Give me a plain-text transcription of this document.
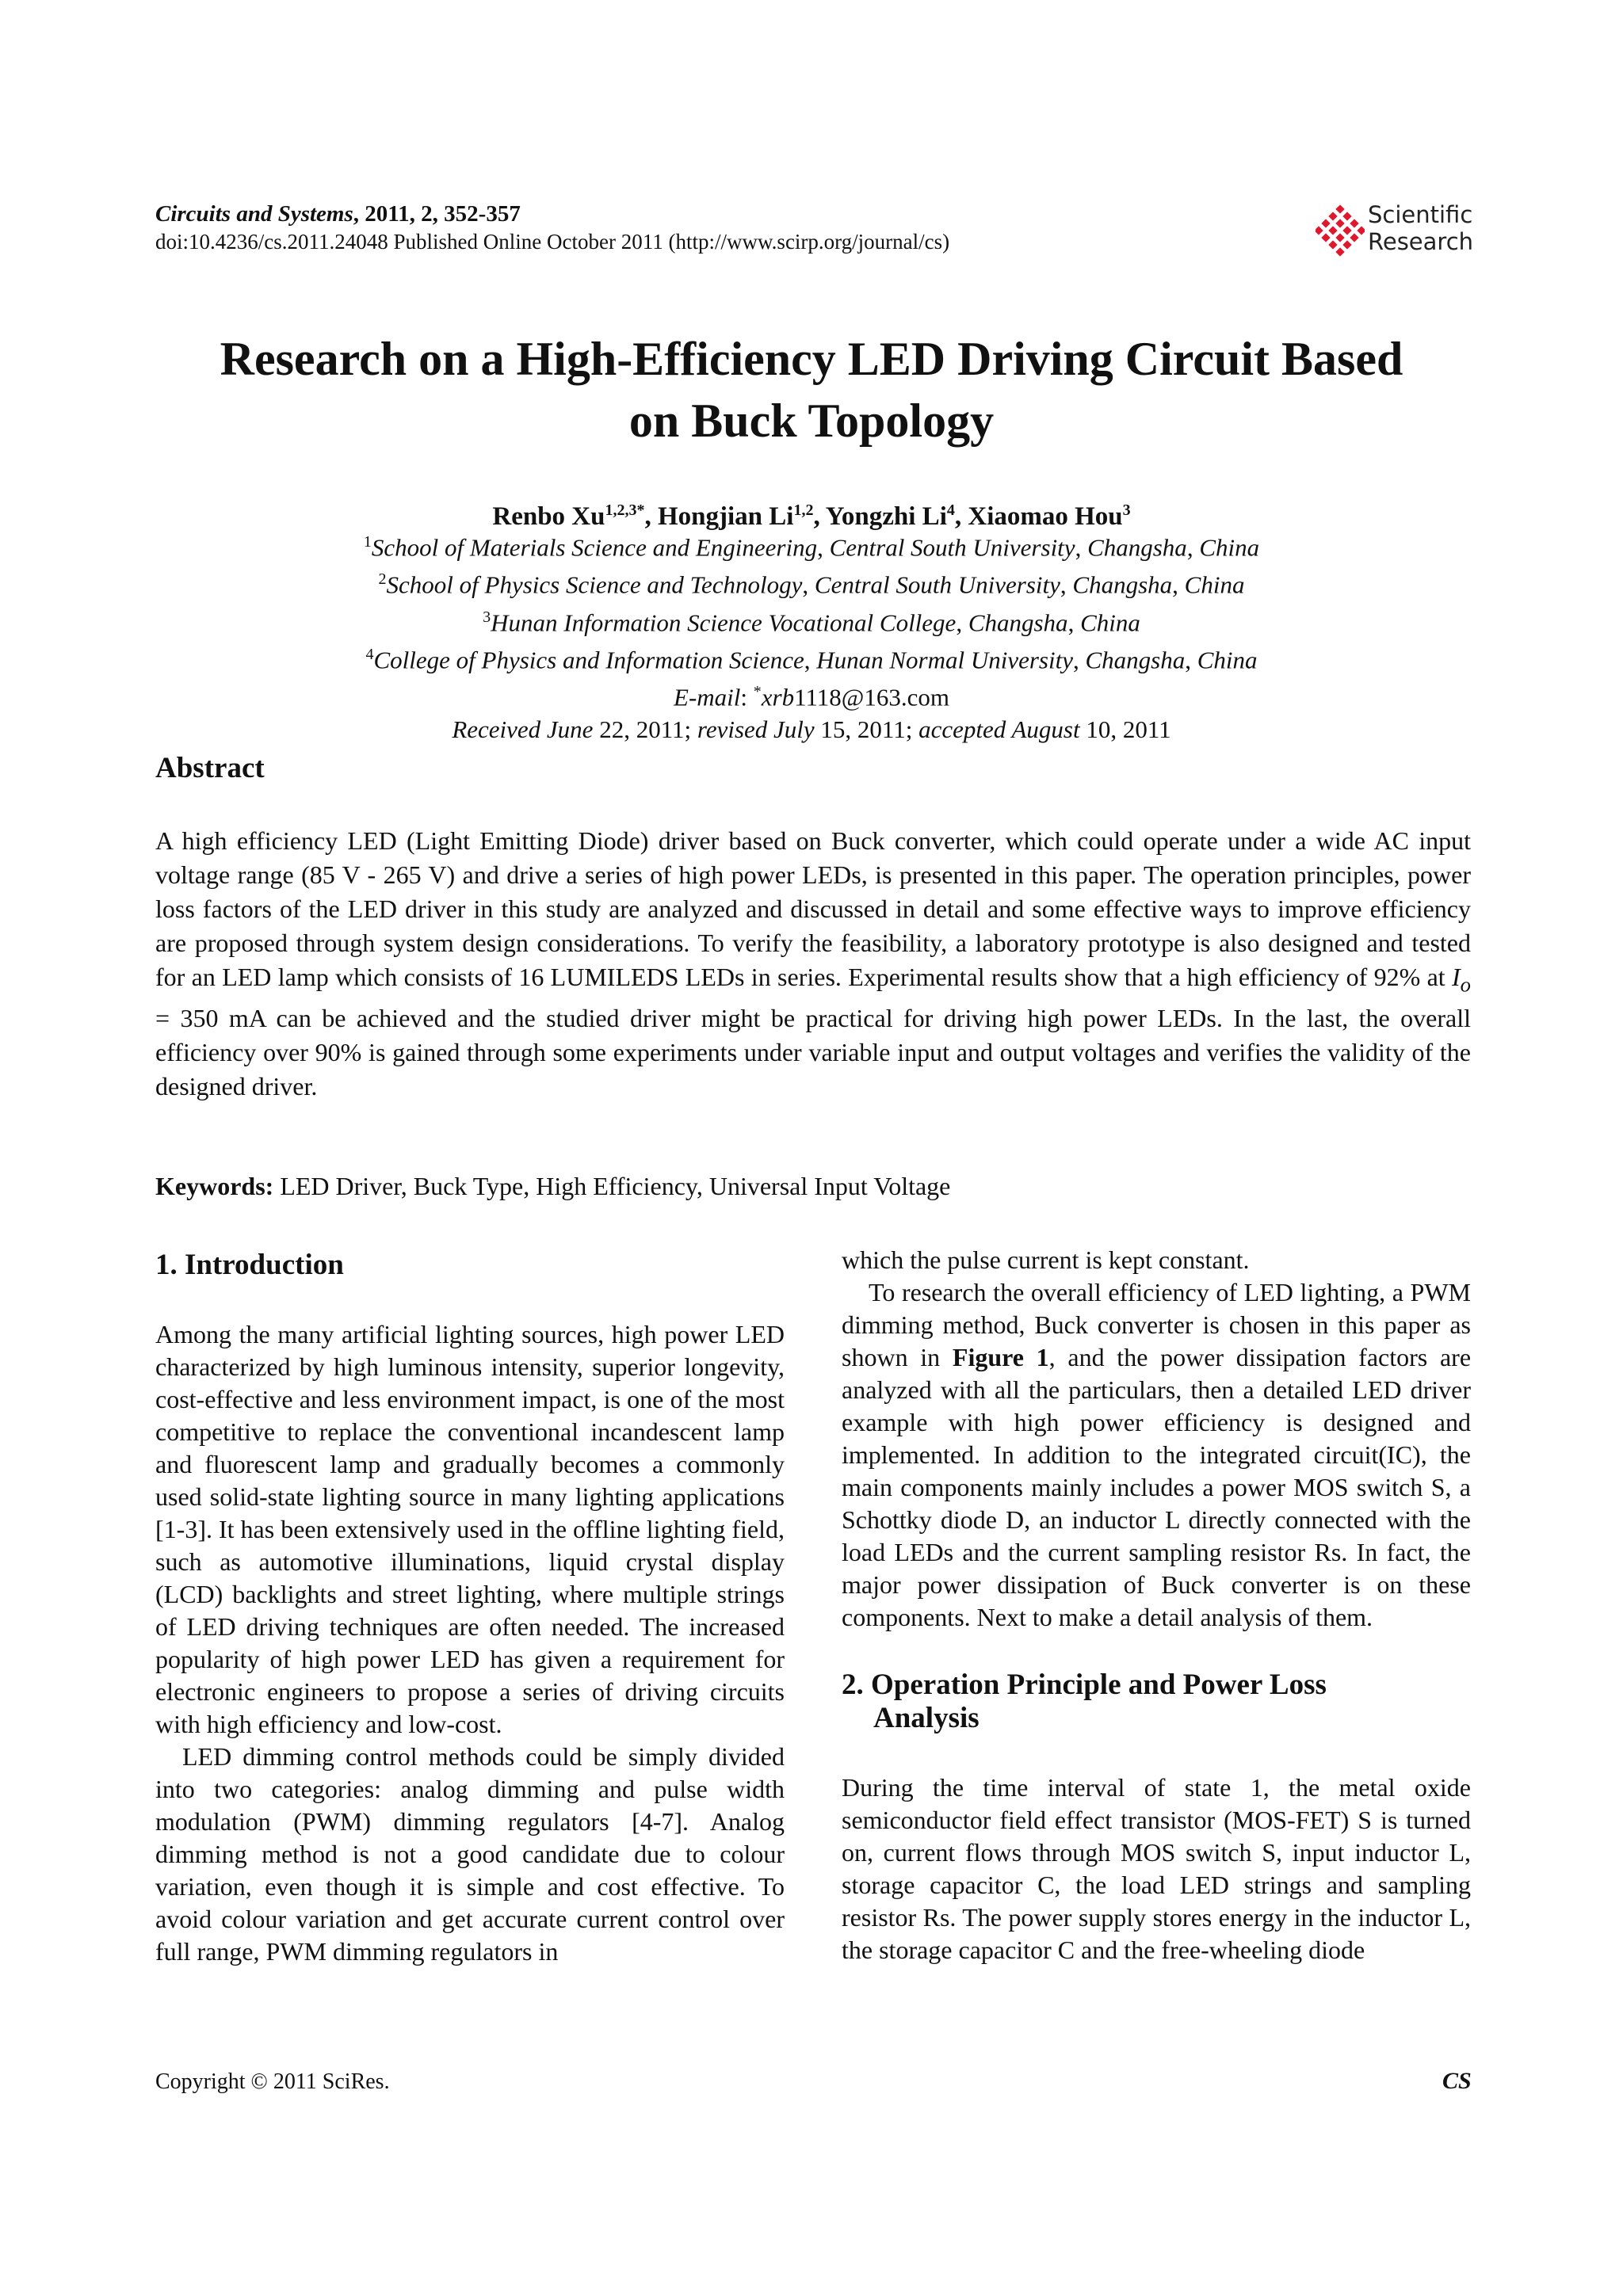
Circuits and Systems, 2011, 2, 352-357
doi:10.4236/cs.2011.24048 Published Online October 2011 (http://www.scirp.org/journal/cs)
Scientific
Research
Research on a High-Efficiency LED Driving Circuit Based
on Buck Topology
Renbo $Xu^{1,2,3*}$, Hongjian Li$^{1,2}$, Yongzhi Li$^4$, Xiaomao Hou$^3$
$^1$School of Materials Science and Engineering, Central South University, Changsha, China
$^2$School of Physics Science and Technology, Central South University, Changsha, China
$^3$Hunan Information Science Vocational College, Changsha, China
$^4$College of Physics and Information Science, Hunan Normal University, Changsha, China
E-mail: *xrb1118@163.com
Received June 22, 2011; revised July 15, 2011; accepted August 10, 2011
Abstract
A high efficiency LED (Light Emitting Diode) driver based on Buck converter, which could operate under a wide AC input voltage range (85 V - 265 V) and drive a series of high power LEDs, is presented in this paper. The operation principles, power loss factors of the LED driver in this study are analyzed and discussed in detail and some effective ways to improve efficiency are proposed through system design considerations. To verify the feasibility, a laboratory prototype is also designed and tested for an LED lamp which consists of 16 LUMILEDS LEDs in series. Experimental results show that a high efficiency of 92% at $I_o = 350$ mA can be achieved and the studied driver might be practical for driving high power LEDs. In the last, the overall efficiency over 90% is gained through some experiments under variable input and output voltages and verifies the validity of the designed driver.
Keywords: LED Driver, Buck Type, High Efficiency, Universal Input Voltage
1. Introduction

Among the many artificial lighting sources, high power LED characterized by high luminous intensity, superior longevity, cost-effective and less environment impact, is one of the most competitive to replace the conventional incandescent lamp and fluorescent lamp and gradually becomes a commonly used solid-state lighting source in many lighting applications [1-3]. It has been extensively used in the offline lighting field, such as automotive illuminations, liquid crystal display (LCD) backlights and street lighting, where multiple strings of LED driving techniques are often needed. The increased popularity of high power LED has given a requirement for electronic engineers to propose a series of driving circuits with high efficiency and low-cost.

LED dimming control methods could be simply divided into two categories: analog dimming and pulse width modulation (PWM) dimming regulators [4-7]. Analog dimming method is not a good candidate due to colour variation, even though it is simple and cost effective. To avoid colour variation and get accurate current control over full range, PWM dimming regulators in

which the pulse current is kept constant.

To research the overall efficiency of LED lighting, a PWM dimming method, Buck converter is chosen in this paper as shown in Figure 1, and the power dissipation factors are analyzed with all the particulars, then a detailed LED driver example with high power efficiency is designed and implemented. In addition to the integrated circuit(IC), the main components mainly includes a power MOS switch S, a Schottky diode D, an inductor L directly connected with the load LEDs and the current sampling resistor Rs. In fact, the major power dissipation of Buck converter is on these components. Next to make a detail analysis of them.

2. Operation Principle and Power Loss
Analysis

During the time interval of state 1, the metal oxide semiconductor field effect transistor (MOS-FET) S is turned on, current flows through MOS switch S, input inductor L, storage capacitor C, the load LED strings and sampling resistor Rs. The power supply stores energy in the inductor L, the storage capacitor C and the free-wheeling diode

Copyright © 2011 SciRes.	CS
